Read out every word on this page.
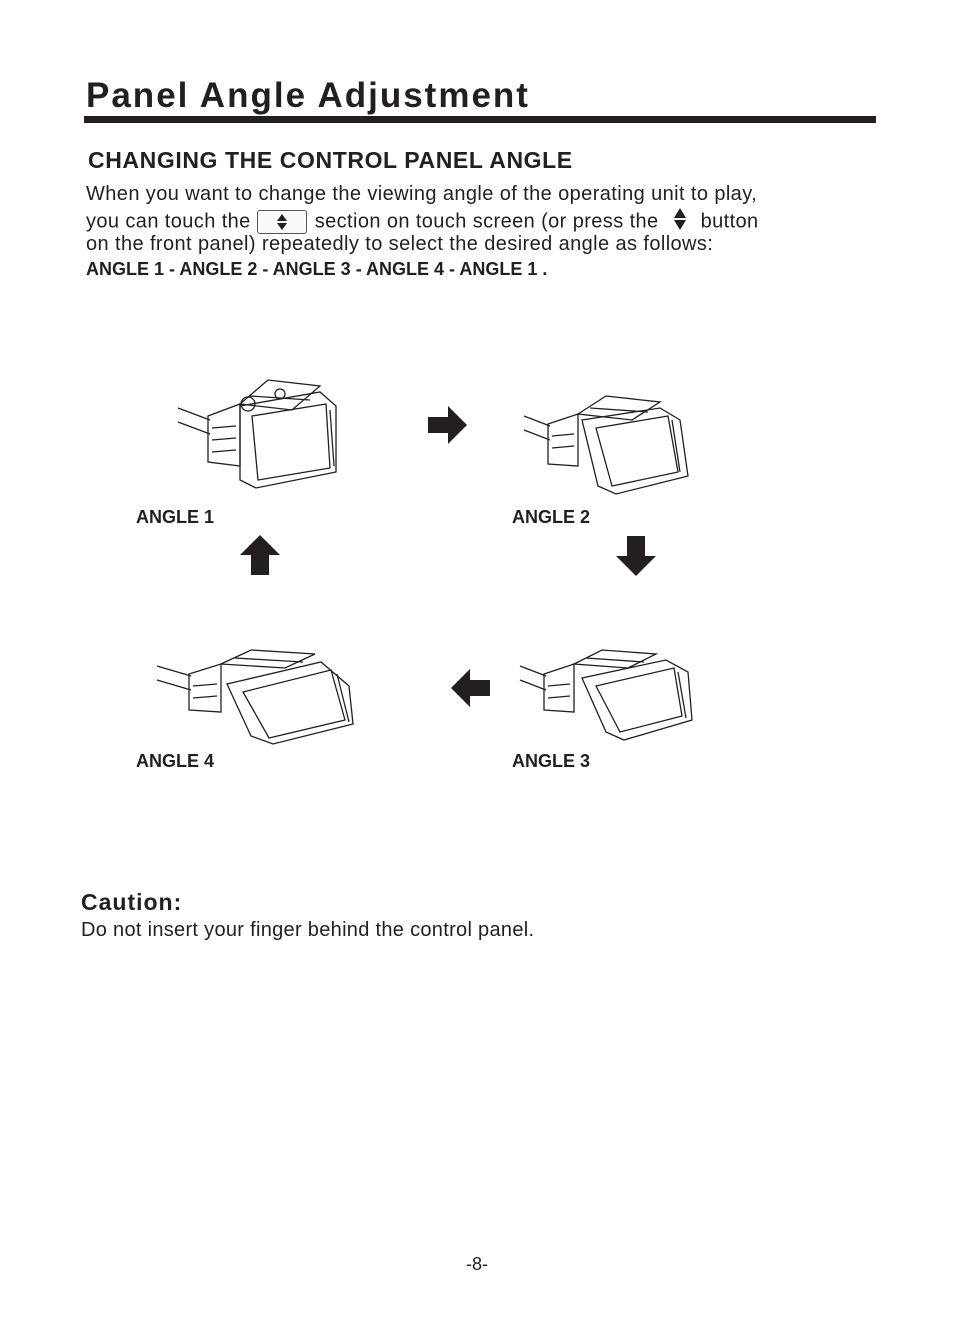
Panel Angle Adjustment
CHANGING THE CONTROL PANEL ANGLE
When you want to change the viewing angle of the operating unit to play,
you can touch the	section on touch screen (or press the button
on the front panel) repeatedly to select the desired angle as follows:
ANGLE 1 - ANGLE 2 - ANGLE 3 - ANGLE 4 - ANGLE 1 .
ANGLE 1	ANGLE 2
ANGLE 4	ANGLE 3
Caution:
Do not insert your finger behind the control panel.
-8-
